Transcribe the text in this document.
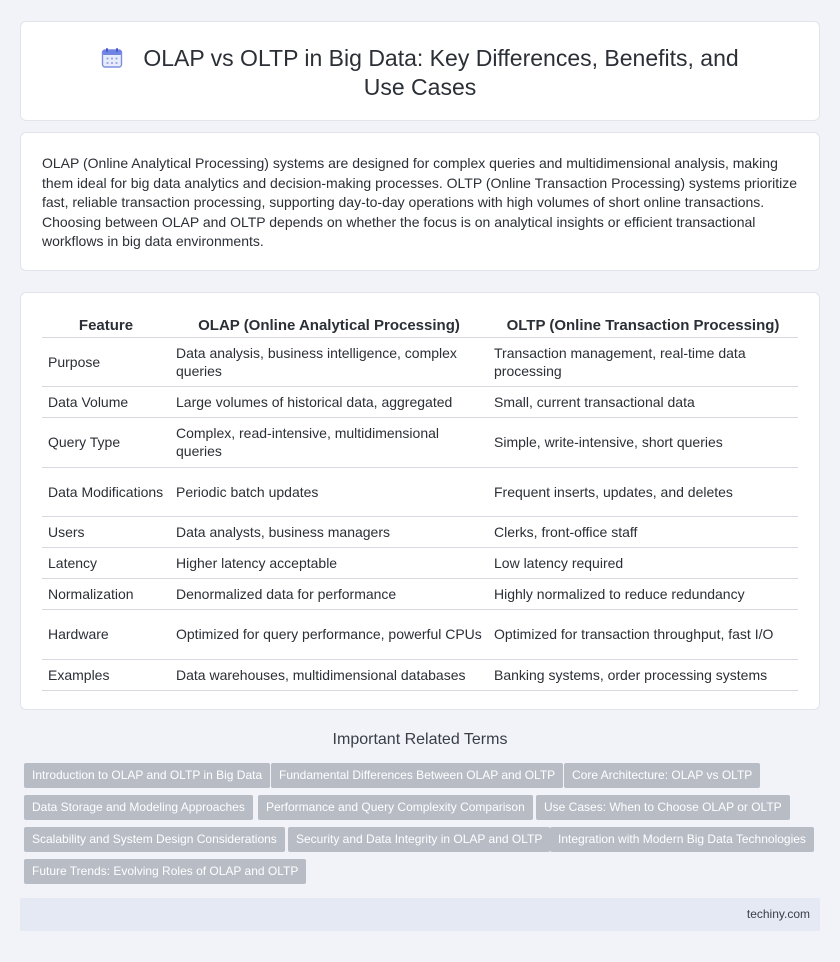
OLAP vs OLTP in Big Data: Key Differences, Benefits, and Use Cases

OLAP (Online Analytical Processing) systems are designed for complex queries and multidimensional analysis, making them ideal for big data analytics and decision-making processes. OLTP (Online Transaction Processing) systems prioritize fast, reliable transaction processing, supporting day-to-day operations with high volumes of short online transactions. Choosing between OLAP and OLTP depends on whether the focus is on analytical insights or efficient transactional workflows in big data environments.

Feature	OLAP (Online Analytical Processing)	OLTP (Online Transaction Processing)
Purpose	Data analysis, business intelligence, complex queries	Transaction management, real-time data processing
Data Volume	Large volumes of historical data, aggregated	Small, current transactional data
Query Type	Complex, read-intensive, multidimensional queries	Simple, write-intensive, short queries
Data Modifications	Periodic batch updates	Frequent inserts, updates, and deletes
Users	Data analysts, business managers	Clerks, front-office staff
Latency	Higher latency acceptable	Low latency required
Normalization	Denormalized data for performance	Highly normalized to reduce redundancy
Hardware	Optimized for query performance, powerful CPUs	Optimized for transaction throughput, fast I/O
Examples	Data warehouses, multidimensional databases	Banking systems, order processing systems
Important Related Terms
Introduction to OLAP and OLTP in Big Data	Fundamental Differences Between OLAP and OLTP	Core Architecture: OLAP vs OLTP
Data Storage and Modeling Approaches	Performance and Query Complexity Comparison	Use Cases: When to Choose OLAP or OLTP
Scalability and System Design Considerations	Security and Data Integrity in OLAP and OLTP	Integration with Modern Big Data Technologies
Future Trends: Evolving Roles of OLAP and OLTP
techiny.com
